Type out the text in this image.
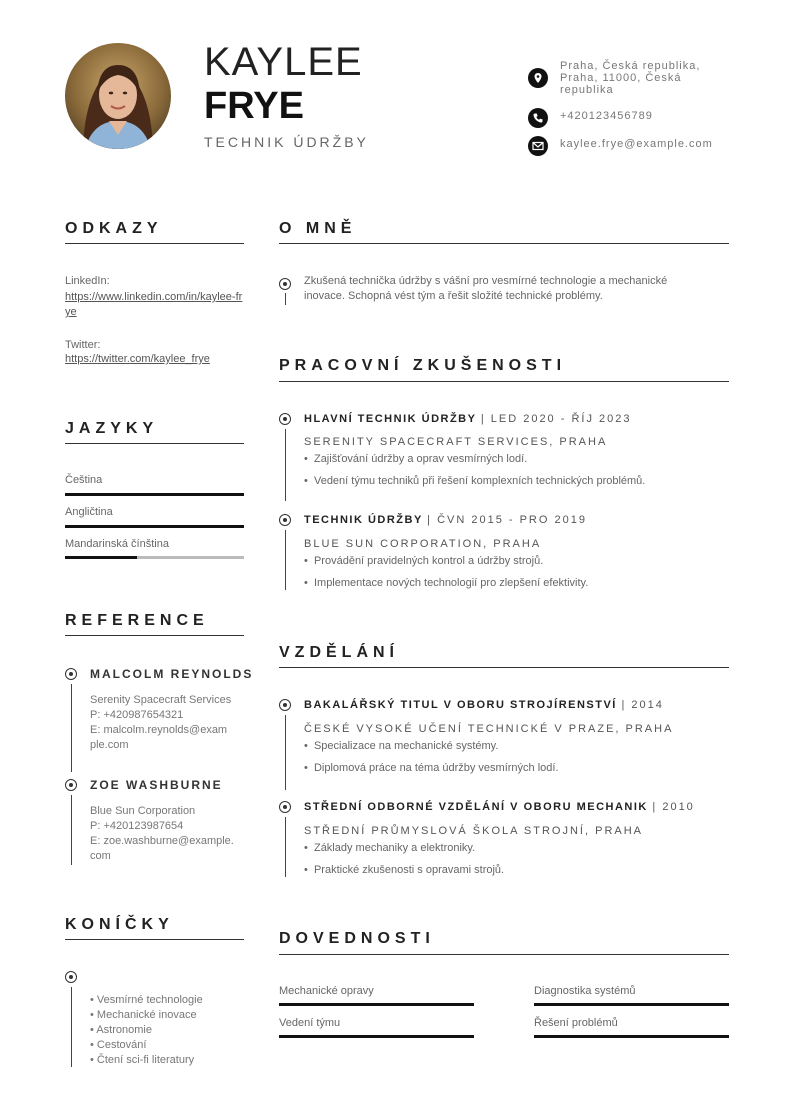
KAYLEE
FRYE
TECHNIK ÚDRŽBY
Praha, Česká republika, Praha, 11000, Česká republika
+420123456789
kaylee.frye@example.com
ODKAZY
LinkedIn:
https://www.linkedin.com/in/kaylee-frye
Twitter:
https://twitter.com/kaylee_frye
JAZYKY
Čeština
Angličtina
Mandarinská čínština
REFERENCE
MALCOLM REYNOLDS
Serenity Spacecraft Services
P: +420987654321
E: malcolm.reynolds@exam
ple.com
ZOE WASHBURNE
Blue Sun Corporation
P: +420123987654
E: zoe.washburne@example.
com
KONÍČKY
• Vesmírné technologie
• Mechanické inovace
• Astronomie
• Cestování
• Čtení sci-fi literatury
O MNĚ
Zkušená technička údržby s vášní pro vesmírné technologie a mechanické
inovace. Schopná vést tým a řešit složité technické problémy.
PRACOVNÍ ZKUŠENOSTI
HLAVNÍ TECHNIK ÚDRŽBY | LED 2020 - ŘÍJ 2023
SERENITY SPACECRAFT SERVICES, PRAHA
•  Zajišťování údržby a oprav vesmírných lodí.
•  Vedení týmu techniků při řešení komplexních technických problémů.
TECHNIK ÚDRŽBY | ČVN 2015 - PRO 2019
BLUE SUN CORPORATION, PRAHA
•  Provádění pravidelných kontrol a údržby strojů.
•  Implementace nových technologií pro zlepšení efektivity.
VZDĚLÁNÍ
BAKALÁŘSKÝ TITUL V OBORU STROJÍRENSTVÍ | 2014
ČESKÉ VYSOKÉ UČENÍ TECHNICKÉ V PRAZE, PRAHA
•  Specializace na mechanické systémy.
•  Diplomová práce na téma údržby vesmírných lodí.
STŘEDNÍ ODBORNÉ VZDĚLÁNÍ V OBORU MECHANIK | 2010
STŘEDNÍ PRŮMYSLOVÁ ŠKOLA STROJNÍ, PRAHA
•  Základy mechaniky a elektroniky.
•  Praktické zkušenosti s opravami strojů.
DOVEDNOSTI
Mechanické opravy	Diagnostika systémů
Vedení týmu	Řešení problémů
